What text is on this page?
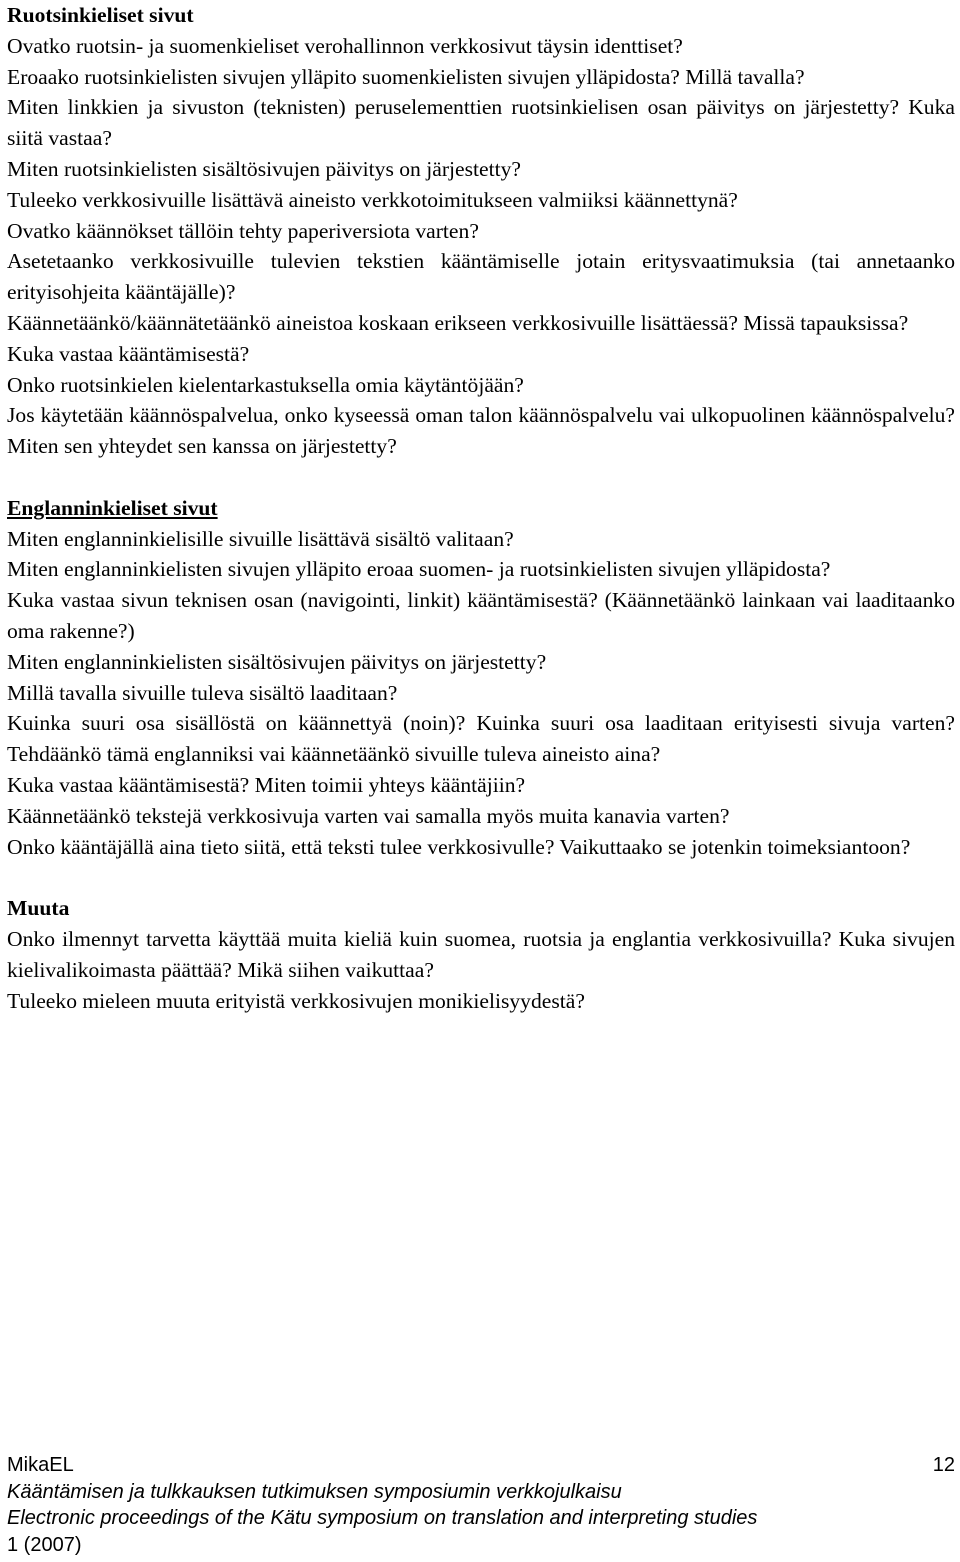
Ruotsinkieliset sivut

Ovatko ruotsin- ja suomenkieliset verohallinnon verkkosivut täysin identtiset?

Eroaako ruotsinkielisten sivujen ylläpito suomenkielisten sivujen ylläpidosta? Millä tavalla?

Miten linkkien ja sivuston (teknisten) peruselementtien ruotsinkielisen osan päivitys on järjestetty? Kuka siitä vastaa?

Miten ruotsinkielisten sisältösivujen päivitys on järjestetty?

Tuleeko verkkosivuille lisättävä aineisto verkkotoimitukseen valmiiksi käännettynä?

Ovatko käännökset tällöin tehty paperiversiota varten?

Asetetaanko verkkosivuille tulevien tekstien kääntämiselle jotain eritysvaatimuksia (tai annetaanko erityisohjeita kääntäjälle)?

Käännetäänkö/käännätetäänkö aineistoa koskaan erikseen verkkosivuille lisättäessä? Missä tapauksissa?

Kuka vastaa kääntämisestä?

Onko ruotsinkielen kielentarkastuksella omia käytäntöjään?

Jos käytetään käännöspalvelua, onko kyseessä oman talon käännöspalvelu vai ulkopuolinen käännöspalvelu? Miten sen yhteydet sen kanssa on järjestetty?

Englanninkieliset sivut

Miten englanninkielisille sivuille lisättävä sisältö valitaan?

Miten englanninkielisten sivujen ylläpito eroaa suomen- ja ruotsinkielisten sivujen ylläpidosta?

Kuka vastaa sivun teknisen osan (navigointi, linkit) kääntämisestä? (Käännetäänkö lainkaan vai laaditaanko oma rakenne?)

Miten englanninkielisten sisältösivujen päivitys on järjestetty?

Millä tavalla sivuille tuleva sisältö laaditaan?

Kuinka suuri osa sisällöstä on käännettyä (noin)? Kuinka suuri osa laaditaan erityisesti sivuja varten? Tehdäänkö tämä englanniksi vai käännetäänkö sivuille tuleva aineisto aina?

Kuka vastaa kääntämisestä? Miten toimii yhteys kääntäjiin?

Käännetäänkö tekstejä verkkosivuja varten vai samalla myös muita kanavia varten?

Onko kääntäjällä aina tieto siitä, että teksti tulee verkkosivulle? Vaikuttaako se jotenkin toimeksiantoon?

Muuta

Onko ilmennyt tarvetta käyttää muita kieliä kuin suomea, ruotsia ja englantia verkkosivuilla? Kuka sivujen kielivalikoimasta päättää? Mikä siihen vaikuttaa?

Tuleeko mieleen muuta erityistä verkkosivujen monikielisyydestä?

MikaEL	12

Kääntämisen ja tulkkauksen tutkimuksen symposiumin verkkojulkaisu

Electronic proceedings of the Kätu symposium on translation and interpreting studies

1 (2007)
